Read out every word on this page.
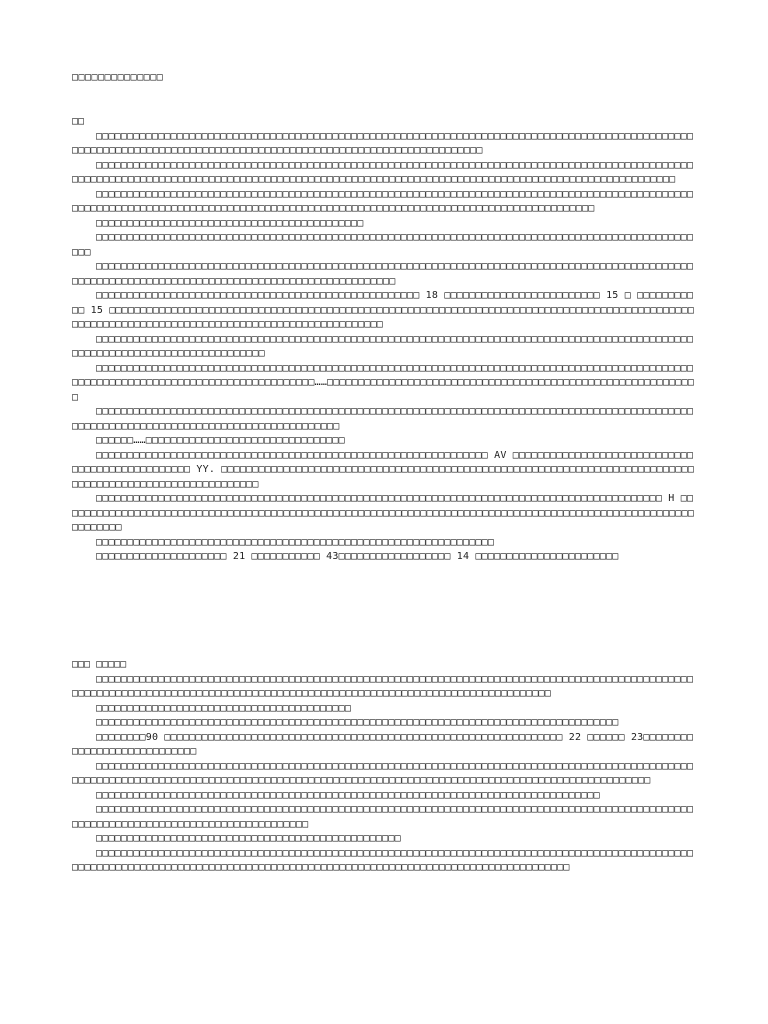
□□□□□□□□□□□□□□
□□

□□□□□□□□□□□□□□□□□□□□□□□□□□□□□□□□□□□□□□□□□□□□□□□□□□□□□□□□□□□□□□□□□□□□□□□□□□□□□□□□□□□□□□□□□□□□□□□□□□□□□□□□□□□□□□□□□□□□□□□□□□□□□□□□□□□□□□□□□□□□□□□□□□□□□□□□□□□□□□□□□□

□□□□□□□□□□□□□□□□□□□□□□□□□□□□□□□□□□□□□□□□□□□□□□□□□□□□□□□□□□□□□□□□□□□□□□□□□□□□□□□□□□□□□□□□□□□□□□□□□□□□□□□□□□□□□□□□□□□□□□□□□□□□□□□□□□□□□□□□□□□□□□□□□□□□□□□□□□□□□□□□□□□□□□□□□□□□□□□□□□□□□□□□□□□□□□□□□

□□□□□□□□□□□□□□□□□□□□□□□□□□□□□□□□□□□□□□□□□□□□□□□□□□□□□□□□□□□□□□□□□□□□□□□□□□□□□□□□□□□□□□□□□□□□□□□□□□□□□□□□□□□□□□□□□□□□□□□□□□□□□□□□□□□□□□□□□□□□□□□□□□□□□□□□□□□□□□□□□□□□□□□□□□□□□□□□□□□□

□□□□□□□□□□□□□□□□□□□□□□□□□□□□□□□□□□□□□□□□□□□

□□□□□□□□□□□□□□□□□□□□□□□□□□□□□□□□□□□□□□□□□□□□□□□□□□□□□□□□□□□□□□□□□□□□□□□□□□□□□□□□□□□□□□□□□□□□□□□□□□□

□□□□□□□□□□□□□□□□□□□□□□□□□□□□□□□□□□□□□□□□□□□□□□□□□□□□□□□□□□□□□□□□□□□□□□□□□□□□□□□□□□□□□□□□□□□□□□□□□□□□□□□□□□□□□□□□□□□□□□□□□□□□□□□□□□□□□□□□□□□□□□□□□□□□

□□□□□□□□□□□□□□□□□□□□□□□□□□□□□□□□□□□□□□□□□□□□□□□□□□□□ 18 □□□□□□□□□□□□□□□□□□□□□□□□□ 15 □ □□□□□□□□□□□ 15 □□□□□□□□□□□□□□□□□□□□□□□□□□□□□□□□□□□□□□□□□□□□□□□□□□□□□□□□□□□□□□□□□□□□□□□□□□□□□□□□□□□□□□□□□□□□□□□□□□□□□□□□□□□□□□□□□□□□□□□□□□□□□□□□□□□□□□□□□□□□□□□□

□□□□□□□□□□□□□□□□□□□□□□□□□□□□□□□□□□□□□□□□□□□□□□□□□□□□□□□□□□□□□□□□□□□□□□□□□□□□□□□□□□□□□□□□□□□□□□□□□□□□□□□□□□□□□□□□□□□□□□□□□□□□□□□

□□□□□□□□□□□□□□□□□□□□□□□□□□□□□□□□□□□□□□□□□□□□□□□□□□□□□□□□□□□□□□□□□□□□□□□□□□□□□□□□□□□□□□□□□□□□□□□□□□□□□□□□□□□□□□□□□□□□□□□□□□□□□□□□□□□□□□□……□□□□□□□□□□□□□□□□□□□□□□□□□□□□□□□□□□□□□□□□□□□□□□□□□□□□□□□□□□□□

□□□□□□□□□□□□□□□□□□□□□□□□□□□□□□□□□□□□□□□□□□□□□□□□□□□□□□□□□□□□□□□□□□□□□□□□□□□□□□□□□□□□□□□□□□□□□□□□□□□□□□□□□□□□□□□□□□□□□□□□□□□□□□□□□□□□□□□□□□□

□□□□□□……□□□□□□□□□□□□□□□□□□□□□□□□□□□□□□□□

□□□□□□□□□□□□□□□□□□□□□□□□□□□□□□□□□□□□□□□□□□□□□□□□□□□□□□□□□□□□□□□ AV □□□□□□□□□□□□□□□□□□□□□□□□□□□□□□□□□□□□□□□□□□□□□□□□ YY. □□□□□□□□□□□□□□□□□□□□□□□□□□□□□□□□□□□□□□□□□□□□□□□□□□□□□□□□□□□□□□□□□□□□□□□□□□□□□□□□□□□□□□□□□□□□□□□□□□□□□□□□□□

□□□□□□□□□□□□□□□□□□□□□□□□□□□□□□□□□□□□□□□□□□□□□□□□□□□□□□□□□□□□□□□□□□□□□□□□□□□□□□□□□□□□□□□□□□□ H □□□□□□□□□□□□□□□□□□□□□□□□□□□□□□□□□□□□□□□□□□□□□□□□□□□□□□□□□□□□□□□□□□□□□□□□□□□□□□□□□□□□□□□□□□□□□□□□□□□□□□□□□□□□□□

□□□□□□□□□□□□□□□□□□□□□□□□□□□□□□□□□□□□□□□□□□□□□□□□□□□□□□□□□□□□□□□□

□□□□□□□□□□□□□□□□□□□□□ 21 □□□□□□□□□□□ 43□□□□□□□□□□□□□□□□□□ 14 □□□□□□□□□□□□□□□□□□□□□□□

□□□ □□□□□

□□□□□□□□□□□□□□□□□□□□□□□□□□□□□□□□□□□□□□□□□□□□□□□□□□□□□□□□□□□□□□□□□□□□□□□□□□□□□□□□□□□□□□□□□□□□□□□□□□□□□□□□□□□□□□□□□□□□□□□□□□□□□□□□□□□□□□□□□□□□□□□□□□□□□□□□□□□□□□□□□□□□□□□□□□□□□

□□□□□□□□□□□□□□□□□□□□□□□□□□□□□□□□□□□□□□□□□

□□□□□□□□□□□□□□□□□□□□□□□□□□□□□□□□□□□□□□□□□□□□□□□□□□□□□□□□□□□□□□□□□□□□□□□□□□□□□□□□□□□□

□□□□□□□□90 □□□□□□□□□□□□□□□□□□□□□□□□□□□□□□□□□□□□□□□□□□□□□□□□□□□□□□□□□□□□□□□□ 22 □□□□□□ 23□□□□□□□□□□□□□□□□□□□□□□□□□□□□

□□□□□□□□□□□□□□□□□□□□□□□□□□□□□□□□□□□□□□□□□□□□□□□□□□□□□□□□□□□□□□□□□□□□□□□□□□□□□□□□□□□□□□□□□□□□□□□□□□□□□□□□□□□□□□□□□□□□□□□□□□□□□□□□□□□□□□□□□□□□□□□□□□□□□□□□□□□□□□□□□□□□□□□□□□□□□□□□□□□□□□□□□□□□□

□□□□□□□□□□□□□□□□□□□□□□□□□□□□□□□□□□□□□□□□□□□□□□□□□□□□□□□□□□□□□□□□□□□□□□□□□□□□□□□□□

□□□□□□□□□□□□□□□□□□□□□□□□□□□□□□□□□□□□□□□□□□□□□□□□□□□□□□□□□□□□□□□□□□□□□□□□□□□□□□□□□□□□□□□□□□□□□□□□□□□□□□□□□□□□□□□□□□□□□□□□□□□□□□□□□□□□□□

□□□□□□□□□□□□□□□□□□□□□□□□□□□□□□□□□□□□□□□□□□□□□□□□□

□□□□□□□□□□□□□□□□□□□□□□□□□□□□□□□□□□□□□□□□□□□□□□□□□□□□□□□□□□□□□□□□□□□□□□□□□□□□□□□□□□□□□□□□□□□□□□□□□□□□□□□□□□□□□□□□□□□□□□□□□□□□□□□□□□□□□□□□□□□□□□□□□□□□□□□□□□□□□□□□□□□□□□□□□□□□□□□□
